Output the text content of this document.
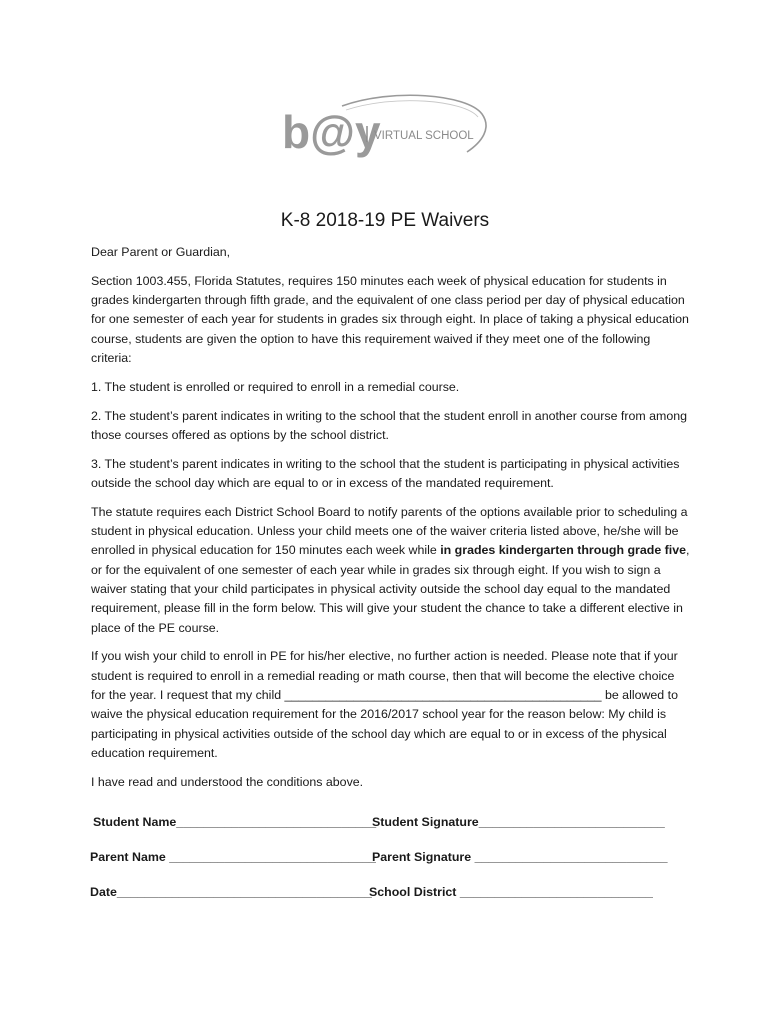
b@y
VIRTUAL SCHOOL
K-8 2018-19 PE Waivers

Dear Parent or Guardian,

Section 1003.455, Florida Statutes, requires 150 minutes each week of physical education for students in grades kindergarten through fifth grade, and the equivalent of one class period per day of physical education for one semester of each year for students in grades six through eight. In place of taking a physical education course, students are given the option to have this requirement waived if they meet one of the following criteria:

1. The student is enrolled or required to enroll in a remedial course.

2. The student’s parent indicates in writing to the school that the student enroll in another course from among those courses offered as options by the school district.

3. The student’s parent indicates in writing to the school that the student is participating in physical activities outside the school day which are equal to or in excess of the mandated requirement.

The statute requires each District School Board to notify parents of the options available prior to scheduling a student in physical education. Unless your child meets one of the waiver criteria listed above, he/she will be enrolled in physical education for 150 minutes each week while in grades kindergarten through grade five, or for the equivalent of one semester of each year while in grades six through eight. If you wish to sign a waiver stating that your child participates in physical activity outside the school day equal to the mandated requirement, please fill in the form below. This will give your student the chance to take a different elective in place of the PE course.

If you wish your child to enroll in PE for his/her elective, no further action is needed. Please note that if your student is required to enroll in a remedial reading or math course, then that will become the elective choice for the year. I request that my child ______________________________________________ be allowed to waive the physical education requirement for the 2016/2017 school year for the reason below: My child is participating in physical activities outside of the school day which are equal to or in excess of the physical education requirement.

I have read and understood the conditions above.

Student Name_____________________________
Student Signature___________________________
Parent Name ______________________________
Parent Signature ____________________________
Date_____________________________________
School District ____________________________
